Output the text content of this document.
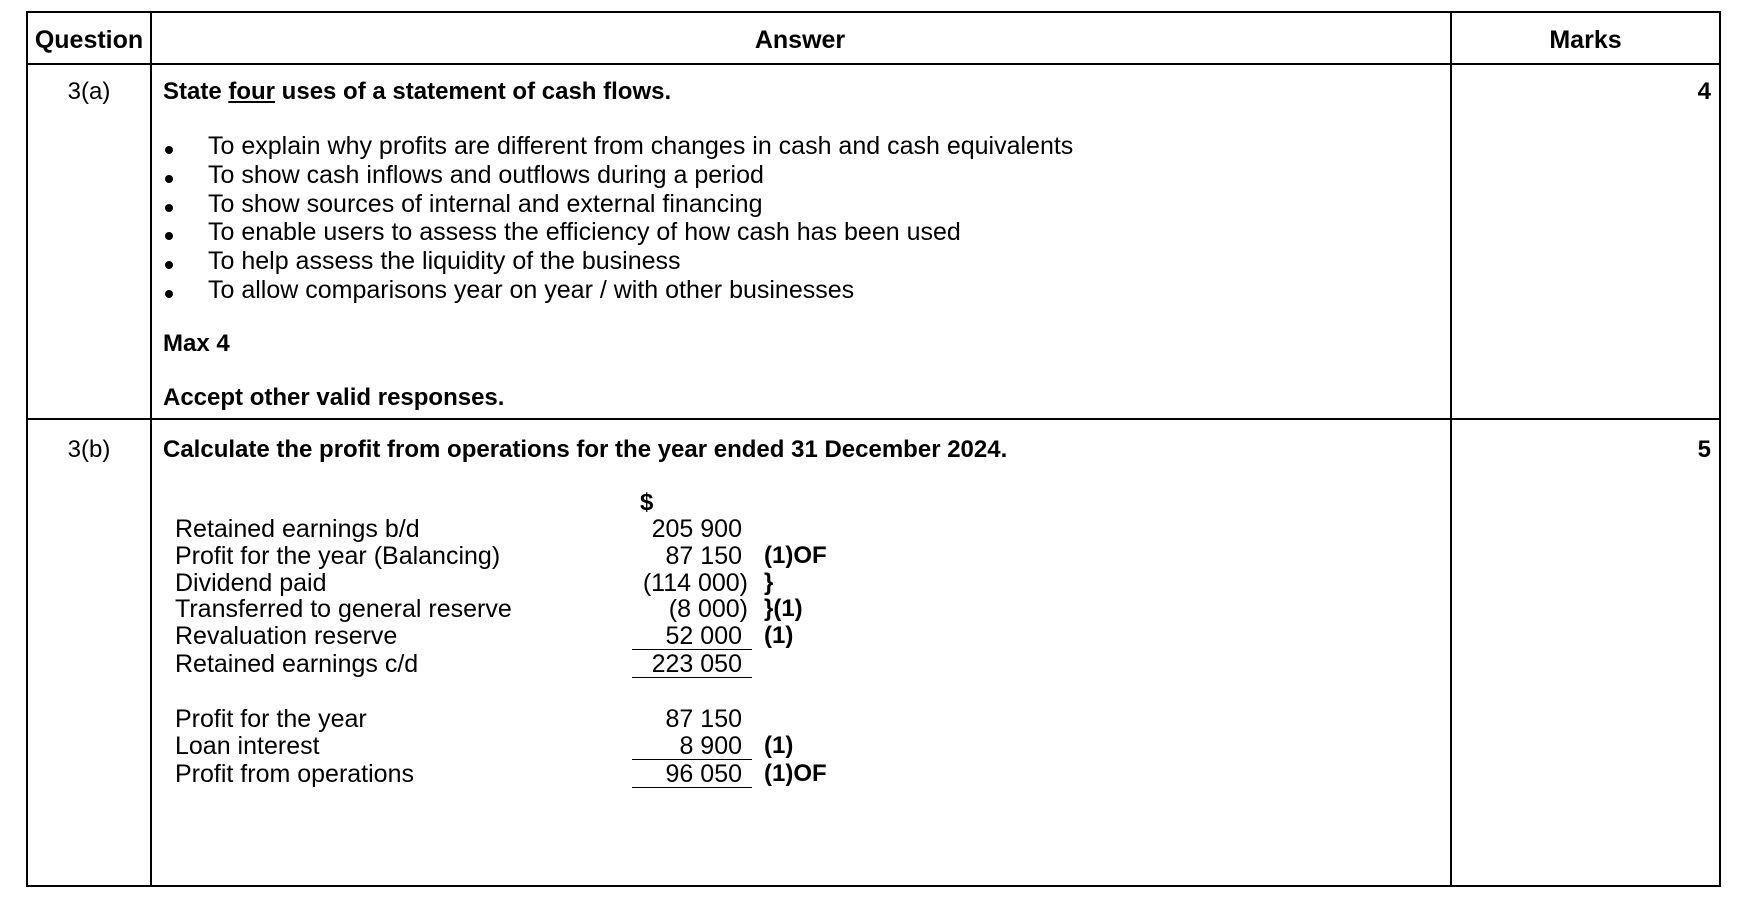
Question	Answer	Marks
3(a)	State four uses of a statement of cash flows.	4
To explain why profits are different from changes in cash and cash equivalents
To show cash inflows and outflows during a period
To show sources of internal and external financing
To enable users to assess the efficiency of how cash has been used
To help assess the liquidity of the business
To allow comparisons year on year / with other businesses
Max 4
Accept other valid responses.
3(b)	Calculate the profit from operations for the year ended 31 December 2024.	5
$
Retained earnings b/d	205 900
Profit for the year (Balancing)	87 150 (1)OF
Dividend paid	(114 000) }
Transferred to general reserve	(8 000) }(1)
Revaluation reserve	52 000 (1)
Retained earnings c/d	223 050
Profit for the year	87 150
Loan interest	8 900 (1)
Profit from operations	96 050 (1)OF
